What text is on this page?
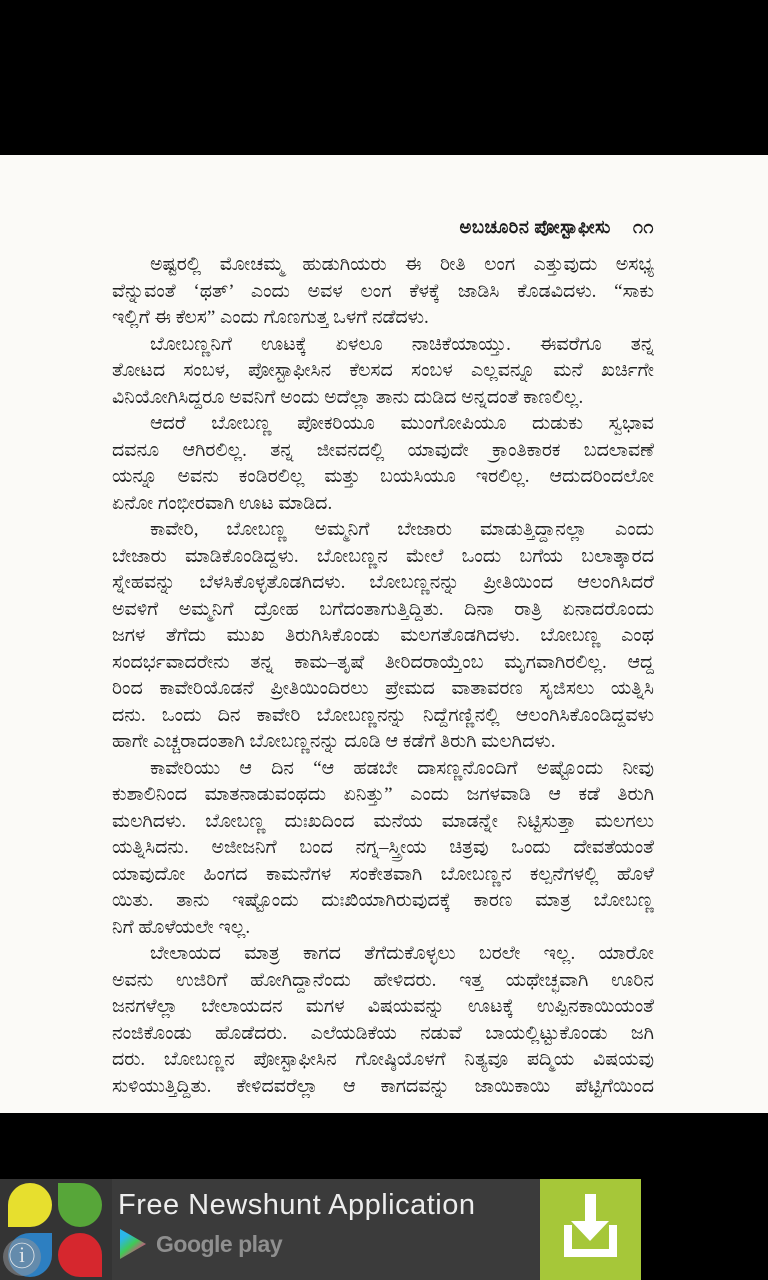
ಅಬಚೂರಿನ ಪೋಸ್ಟಾಫೀಸು ೧೧
ಅಷ್ಟರಲ್ಲಿ ಮೋಚಮ್ಮ ಹುಡುಗಿಯರು ಈ ರೀತಿ ಲಂಗ ಎತ್ತುವುದು ಅಸಭ್ಯ
ವೆನ್ನುವಂತೆ ‘ಥತ್’ ಎಂದು ಅವಳ ಲಂಗ ಕೆಳಕ್ಕೆ ಜಾಡಿಸಿ ಕೊಡವಿದಳು. “ಸಾಕು
ಇಲ್ಲಿಗೆ ಈ ಕೆಲಸ” ಎಂದು ಗೊಣಗುತ್ತ ಒಳಗೆ ನಡೆದಳು.
ಬೋಬಣ್ಣನಿಗೆ ಊಟಕ್ಕೆ ಏಳಲೂ ನಾಚಿಕೆಯಾಯ್ತು. ಈವರೆಗೂ ತನ್ನ
ತೋಟದ ಸಂಬಳ, ಪೋಸ್ಟಾಫೀಸಿನ ಕೆಲಸದ ಸಂಬಳ ಎಲ್ಲವನ್ನೂ ಮನೆ ಖರ್ಚಿಗೇ
ವಿನಿಯೋಗಿಸಿದ್ದರೂ ಅವನಿಗೆ ಅಂದು ಅದೆಲ್ಲಾ ತಾನು ದುಡಿದ ಅನ್ನದಂತೆ ಕಾಣಲಿಲ್ಲ.
ಆದರೆ ಬೋಬಣ್ಣ ಪೋಕರಿಯೂ ಮುಂಗೋಪಿಯೂ ದುಡುಕು ಸ್ವಭಾವ
ದವನೂ ಆಗಿರಲಿಲ್ಲ. ತನ್ನ ಜೀವನದಲ್ಲಿ ಯಾವುದೇ ಕ್ರಾಂತಿಕಾರಕ ಬದಲಾವಣೆ
ಯನ್ನೂ ಅವನು ಕಂಡಿರಲಿಲ್ಲ ಮತ್ತು ಬಯಸಿಯೂ ಇರಲಿಲ್ಲ. ಆದುದರಿಂದಲೋ
ಏನೋ ಗಂಭೀರವಾಗಿ ಊಟ ಮಾಡಿದ.
ಕಾವೇರಿ, ಬೋಬಣ್ಣ ಅಮ್ಮನಿಗೆ ಬೇಜಾರು ಮಾಡುತ್ತಿದ್ದಾನಲ್ಲಾ ಎಂದು
ಬೇಜಾರು ಮಾಡಿಕೊಂಡಿದ್ದಳು. ಬೋಬಣ್ಣನ ಮೇಲೆ ಒಂದು ಬಗೆಯ ಬಲಾತ್ಕಾರದ
ಸ್ನೇಹವನ್ನು ಬೆಳಸಿಕೊಳ್ಳತೊಡಗಿದಳು. ಬೋಬಣ್ಣನನ್ನು ಪ್ರೀತಿಯಿಂದ ಆಲಂಗಿಸಿದರೆ
ಅವಳಿಗೆ ಅಮ್ಮನಿಗೆ ದ್ರೋಹ ಬಗೆದಂತಾಗುತ್ತಿದ್ದಿತು. ದಿನಾ ರಾತ್ರಿ ಏನಾದರೊಂದು
ಜಗಳ ತೆಗೆದು ಮುಖ ತಿರುಗಿಸಿಕೊಂಡು ಮಲಗತೊಡಗಿದಳು. ಬೋಬಣ್ಣ ಎಂಥ
ಸಂದರ್ಭವಾದರೇನು ತನ್ನ ಕಾಮ–ತೃಷೆ ತೀರಿದರಾಯ್ತೆಂಬ ಮೃಗವಾಗಿರಲಿಲ್ಲ. ಆದ್ದ
ರಿಂದ ಕಾವೇರಿಯೊಡನೆ ಪ್ರೀತಿಯಿಂದಿರಲು ಪ್ರೇಮದ ವಾತಾವರಣ ಸೃಜಿಸಲು ಯತ್ನಿಸಿ
ದನು. ಒಂದು ದಿನ ಕಾವೇರಿ ಬೋಬಣ್ಣನನ್ನು ನಿದ್ದೆಗಣ್ಣಿನಲ್ಲಿ ಆಲಂಗಿಸಿಕೊಂಡಿದ್ದವಳು
ಹಾಗೇ ಎಚ್ಚರಾದಂತಾಗಿ ಬೋಬಣ್ಣನನ್ನು ದೂಡಿ ಆ ಕಡೆಗೆ ತಿರುಗಿ ಮಲಗಿದಳು.
ಕಾವೇರಿಯು ಆ ದಿನ “ಆ ಹಡಬೇ ದಾಸಣ್ಣನೊಂದಿಗೆ ಅಷ್ಟೊಂದು ನೀವು
ಕುಶಾಲಿನಿಂದ ಮಾತನಾಡುವಂಥದು ಏನಿತ್ತು” ಎಂದು ಜಗಳವಾಡಿ ಆ ಕಡೆ ತಿರುಗಿ
ಮಲಗಿದಳು. ಬೋಬಣ್ಣ ದುಃಖದಿಂದ ಮನೆಯ ಮಾಡನ್ನೇ ನಿಟ್ಟಿಸುತ್ತಾ ಮಲಗಲು
ಯತ್ನಿಸಿದನು. ಅಜೀಜನಿಗೆ ಬಂದ ನಗ್ನ–ಸ್ತ್ರೀಯ ಚಿತ್ರವು ಒಂದು ದೇವತೆಯಂತೆ
ಯಾವುದೋ ಹಿಂಗದ ಕಾಮನೆಗಳ ಸಂಕೇತವಾಗಿ ಬೋಬಣ್ಣನ ಕಲ್ಪನೆಗಳಲ್ಲಿ ಹೊಳೆ
ಯಿತು. ತಾನು ಇಷ್ಟೊಂದು ದುಃಖಿಯಾಗಿರುವುದಕ್ಕೆ ಕಾರಣ ಮಾತ್ರ ಬೋಬಣ್ಣ
ನಿಗೆ ಹೊಳೆಯಲೇ ಇಲ್ಲ.
ಬೇಲಾಯದ ಮಾತ್ರ ಕಾಗದ ತೆಗೆದುಕೊಳ್ಳಲು ಬರಲೇ ಇಲ್ಲ. ಯಾರೋ
ಅವನು ಉಜಿರಿಗೆ ಹೋಗಿದ್ದಾನೆಂದು ಹೇಳಿದರು. ಇತ್ತ ಯಥೇಚ್ಛವಾಗಿ ಊರಿನ
ಜನಗಳೆಲ್ಲಾ ಬೇಲಾಯದನ ಮಗಳ ವಿಷಯವನ್ನು ಊಟಕ್ಕೆ ಉಪ್ಪಿನಕಾಯಿಯಂತೆ
ನಂಜಿಕೊಂಡು ಹೊಡೆದರು. ಎಲೆಯಡಿಕೆಯ ನಡುವೆ ಬಾಯಲ್ಲಿಟ್ಟುಕೊಂಡು ಜಗಿ
ದರು. ಬೋಬಣ್ಣನ ಪೋಸ್ಟಾಫೀಸಿನ ಗೋಷ್ಠಿಯೊಳಗೆ ನಿತ್ಯವೂ ಪದ್ಮಿಯ ವಿಷಯವು
ಸುಳಿಯುತ್ತಿದ್ದಿತು. ಕೇಳಿದವರೆಲ್ಲಾ ಆ ಕಾಗದವನ್ನು ಜಾಯಿಕಾಯಿ ಪೆಟ್ಟಿಗೆಯಿಂದ
ⓘ
Free Newshunt Application
Google play
